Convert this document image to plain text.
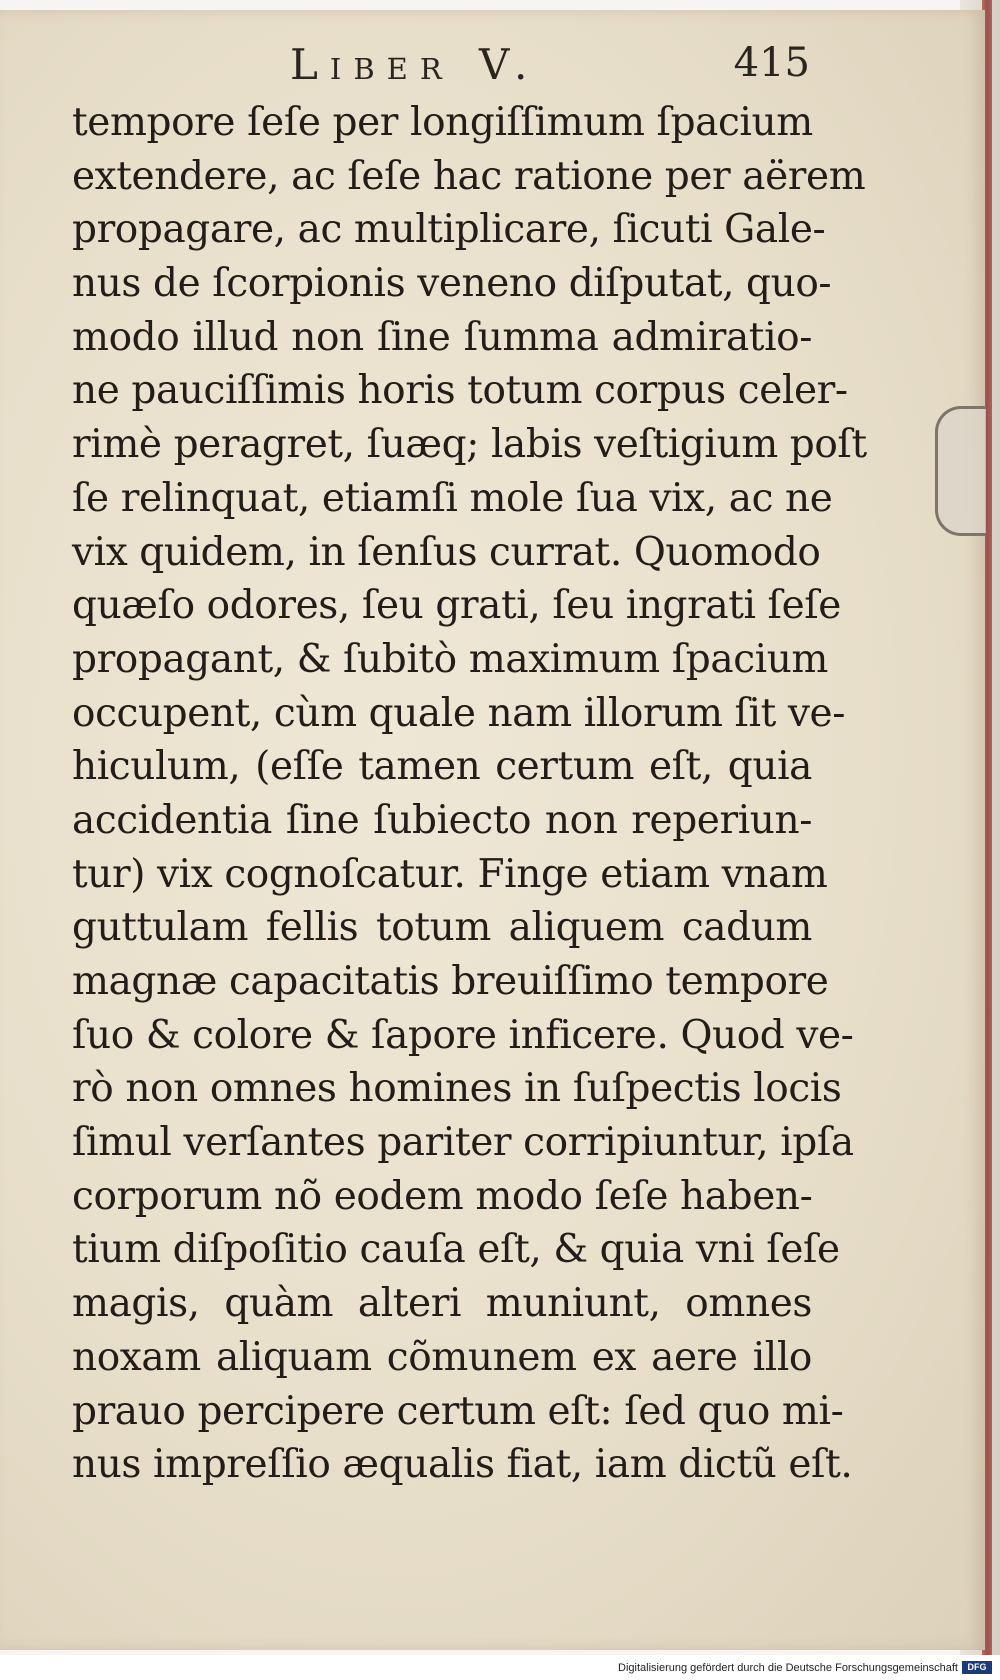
Liber V.	415
tempore ſeſe per longiſſimum ſpacium
extendere, ac ſeſe hac ratione per aërem
propagare, ac multiplicare, ſicuti Gale-
nus de ſcorpionis veneno diſputat, quo-
modo illud non ſine ſumma admiratio-
ne pauciſſimis horis totum corpus celer-
rimè peragret, ſuæq; labis veſtigium poſt
ſe relinquat, etiamſi mole ſua vix, ac ne
vix quidem, in ſenſus currat. Quomodo
quæſo odores, ſeu grati, ſeu ingrati ſeſe
propagant, & ſubitò maximum ſpacium
occupent, cùm quale nam illorum ſit ve-
hiculum, (eſſe tamen certum eſt, quia
accidentia ſine ſubiecto non reperiun-
tur) vix cognoſcatur. Finge etiam vnam
guttulam fellis totum aliquem cadum
magnæ capacitatis breuiſſimo tempore
ſuo & colore & ſapore inficere. Quod ve-
rò non omnes homines in ſuſpectis locis
ſimul verſantes pariter corripiuntur, ipſa
corporum nõ eodem modo ſeſe haben-
tium diſpoſitio cauſa eſt, & quia vni ſeſe
magis, quàm alteri muniunt, omnes
noxam aliquam cõmunem ex aere illo
prauo percipere certum eſt: ſed quo mi-
nus impreſſio æqualis fiat, iam dictũ eſt.
Digitalisierung gefördert durch die Deutsche Forschungsgemeinschaft	DFG
